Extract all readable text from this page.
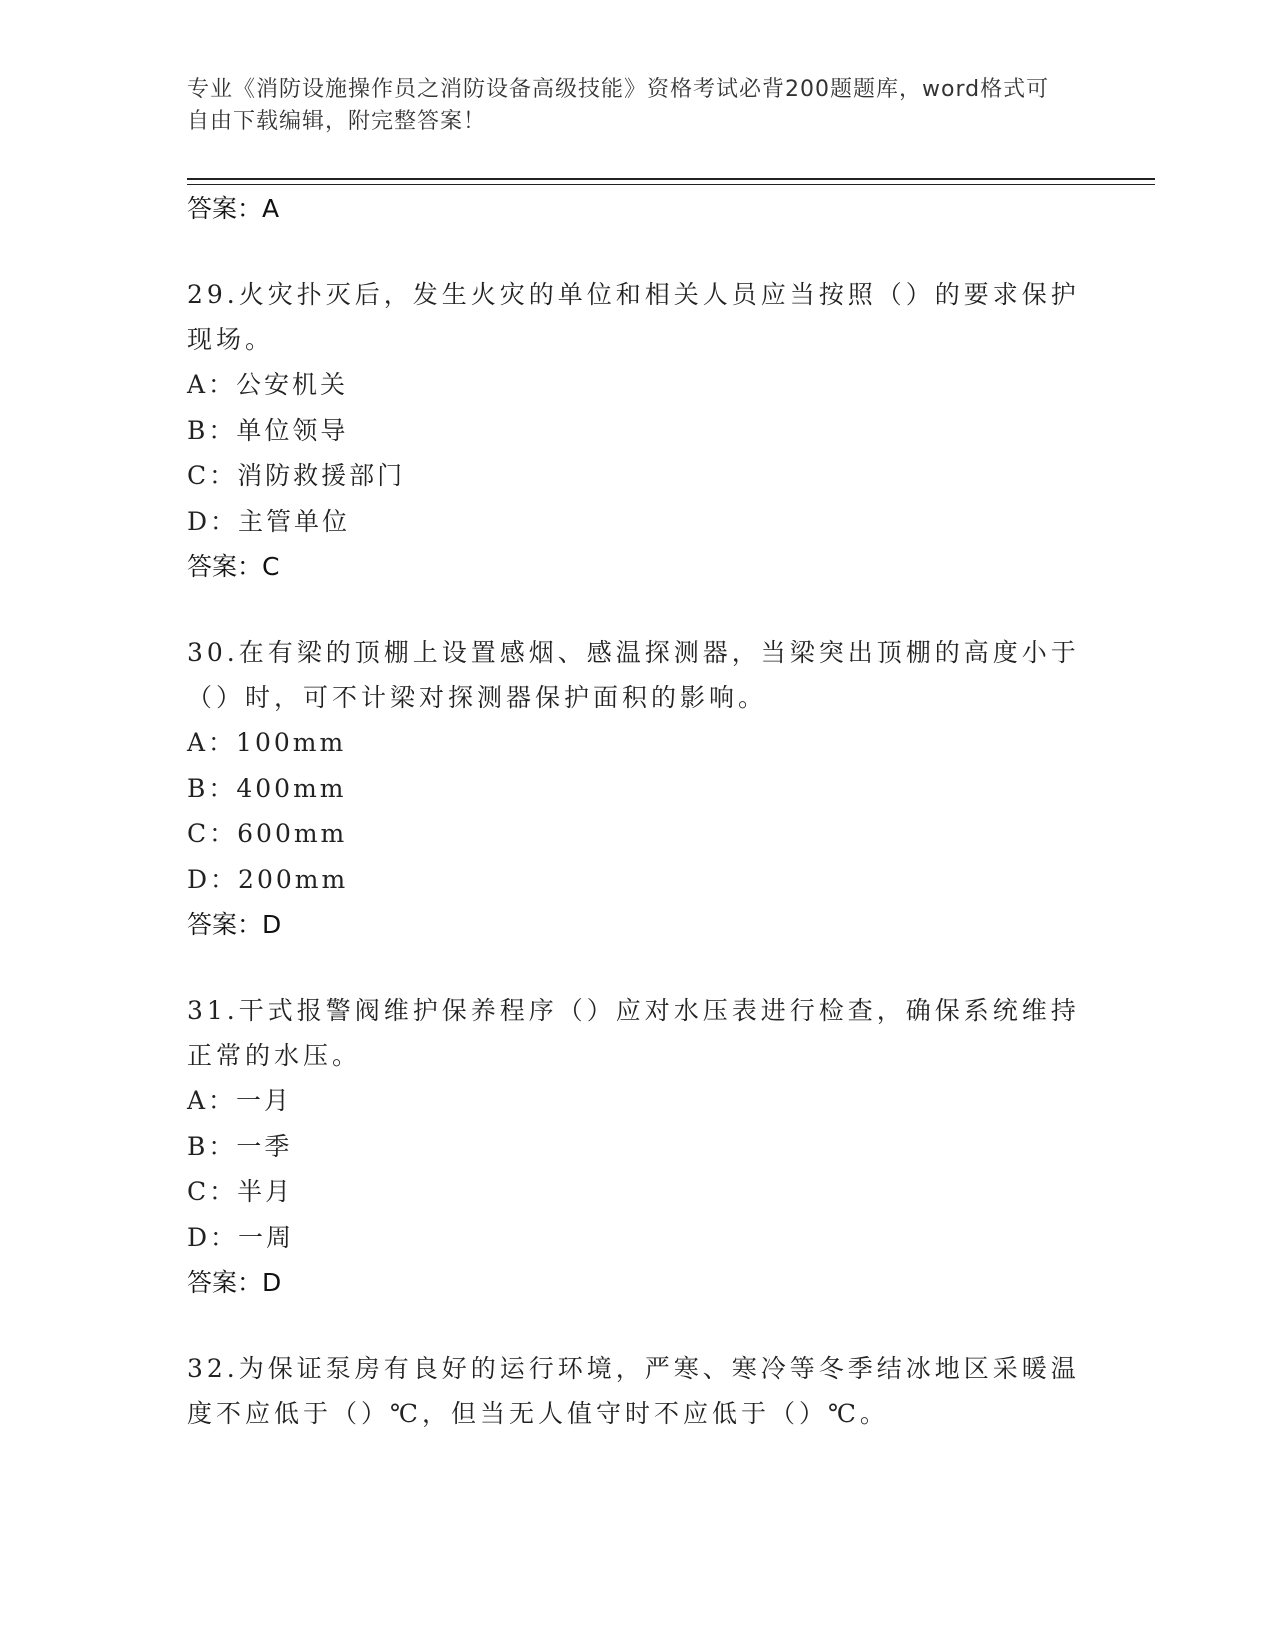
专业《消防设施操作员之消防设备高级技能》资格考试必背200题题库，word格式可自由下载编辑，附完整答案！

答案：A

29.火灾扑灭后，发生火灾的单位和相关人员应当按照（）的要求保护现场。

A：公安机关

B：单位领导

C：消防救援部门

D：主管单位

答案：C

30.在有梁的顶棚上设置感烟、感温探测器，当梁突出顶棚的高度小于（）时，可不计梁对探测器保护面积的影响。

A：100mm

B：400mm

C：600mm

D：200mm

答案：D

31.干式报警阀维护保养程序（）应对水压表进行检查，确保系统维持正常的水压。

A：一月

B：一季

C：半月

D：一周

答案：D

32.为保证泵房有良好的运行环境，严寒、寒冷等冬季结冰地区采暖温度不应低于（）℃，但当无人值守时不应低于（）℃。
